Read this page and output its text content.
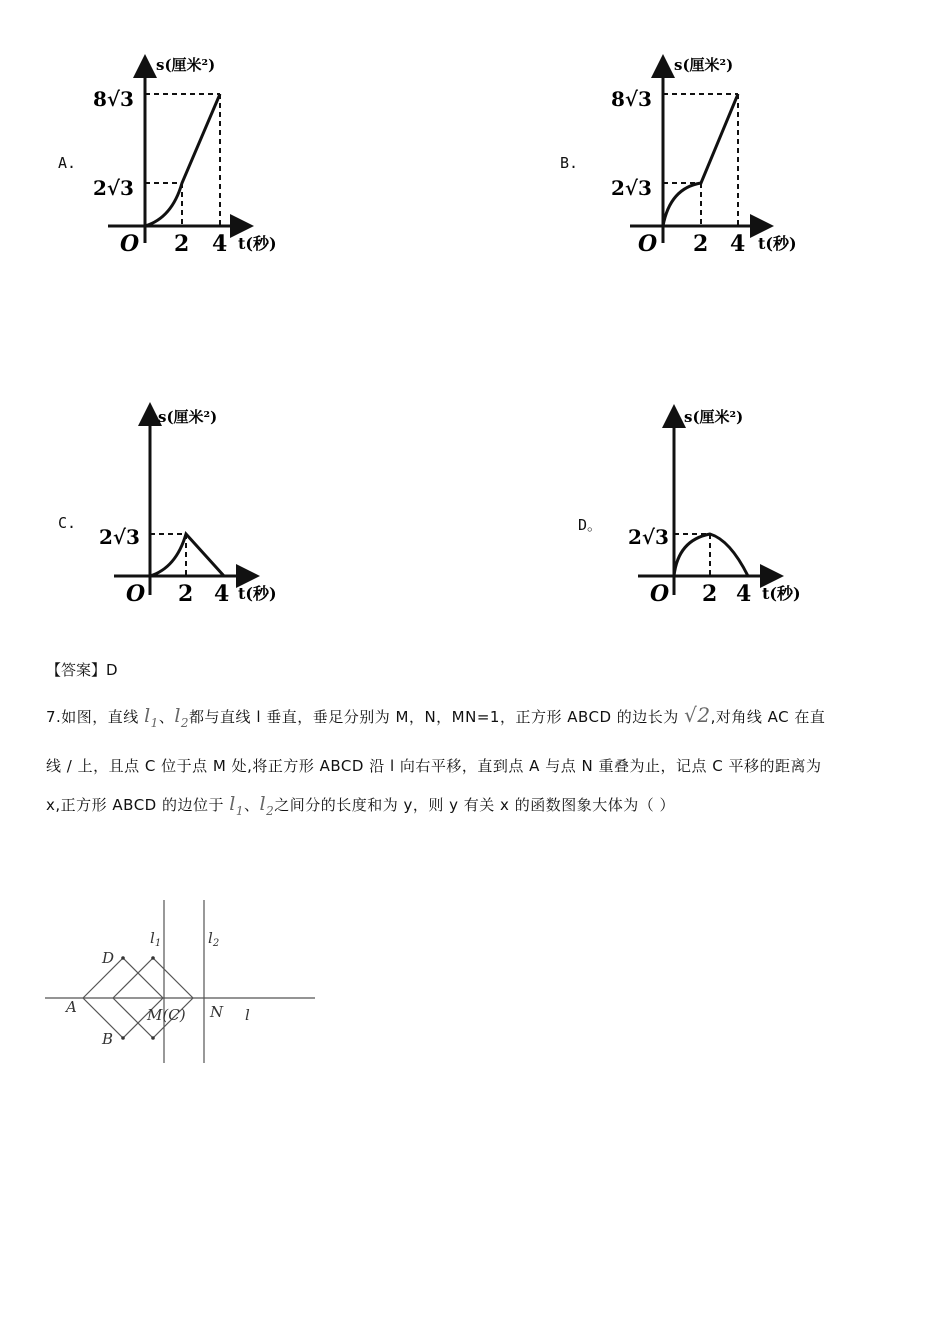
A.	B.
C.	D。
s(厘米²)
8√3
2√3
O 2 4 t(秒)
s(厘米²)
8√3
2√3
O 2 4 t(秒)
s(厘米²)
2√3
O 2 4 t(秒)
s(厘米²)
2√3
O 2 4 t(秒)
【答案】D
7.如图，直线 $l_1$、$l_2$都与直线 l 垂直，垂足分别为 M，N，MN=1，正方形 ABCD 的边长为 √2,对角线 AC 在直
线 / 上，且点 C 位于点 M 处,将正方形 ABCD 沿 l 向右平移，直到点 A 与点 N 重叠为止，记点 C 平移的距离为
x,正方形 ABCD 的边位于 $l_1$、$l_2$之间分的长度和为 y，则 y 有关 x 的函数图象大体为（ ）
D
A
B
M(C) N l
$l_1$	$l_2$
